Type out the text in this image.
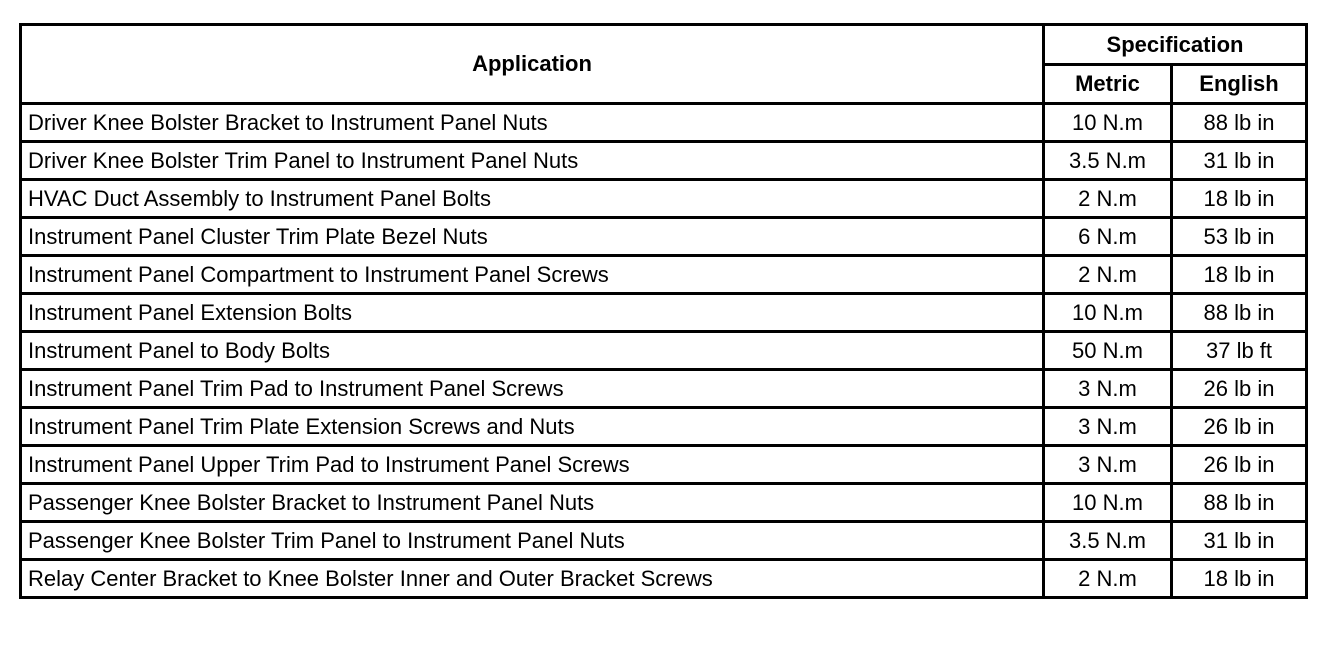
Application	Specification	
	Metric	English
Driver Knee Bolster Bracket to Instrument Panel Nuts	10 N.m	88 lb in
Driver Knee Bolster Trim Panel to Instrument Panel Nuts	3.5 N.m	31 lb in
HVAC Duct Assembly to Instrument Panel Bolts	2 N.m	18 lb in
Instrument Panel Cluster Trim Plate Bezel Nuts	6 N.m	53 lb in
Instrument Panel Compartment to Instrument Panel Screws	2 N.m	18 lb in
Instrument Panel Extension Bolts	10 N.m	88 lb in
Instrument Panel to Body Bolts	50 N.m	37 lb ft
Instrument Panel Trim Pad to Instrument Panel Screws	3 N.m	26 lb in
Instrument Panel Trim Plate Extension Screws and Nuts	3 N.m	26 lb in
Instrument Panel Upper Trim Pad to Instrument Panel Screws	3 N.m	26 lb in
Passenger Knee Bolster Bracket to Instrument Panel Nuts	10 N.m	88 lb in
Passenger Knee Bolster Trim Panel to Instrument Panel Nuts	3.5 N.m	31 lb in
Relay Center Bracket to Knee Bolster Inner and Outer Bracket Screws	2 N.m	18 lb in
